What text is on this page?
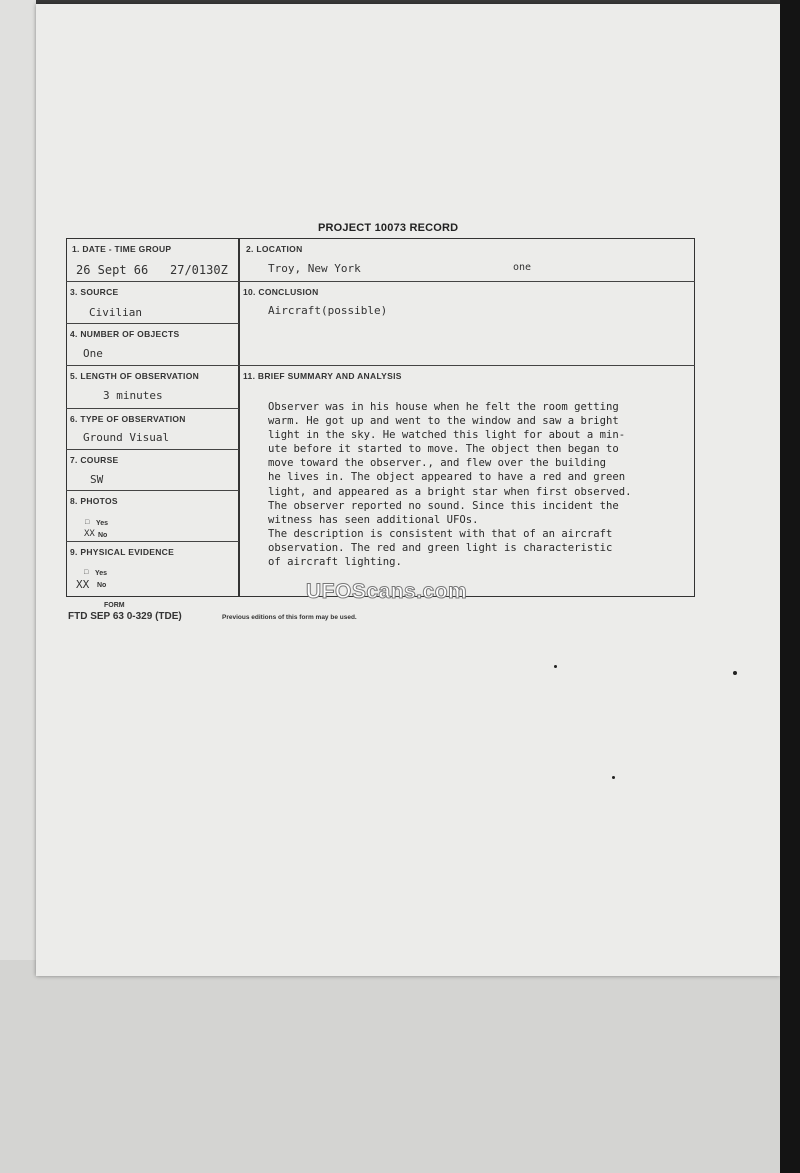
PROJECT 10073 RECORD
1. DATE - TIME GROUP
26 Sept 66 27/0130Z
2. LOCATION
Troy, New York	one
3. SOURCE
Civilian
10. CONCLUSION
Aircraft(possible)
4. NUMBER OF OBJECTS
One
5. LENGTH OF OBSERVATION
3 minutes
11. BRIEF SUMMARY AND ANALYSIS

Observer was in his house when he felt the room getting

warm. He got up and went to the window and saw a bright

light in the sky. He watched this light for about a min-

ute before it started to move. The object then began to

move toward the observer., and flew over the building

he lives in. The object appeared to have a red and green

light, and appeared as a bright star when first observed.

The observer reported no sound. Since this incident the

witness has seen additional UFOs.

The description is consistent with that of an aircraft

observation. The red and green light is characteristic

of aircraft lighting.

6. TYPE OF OBSERVATION
Ground Visual
7. COURSE
SW
8. PHOTOS
□ Yes
XX No
9. PHYSICAL EVIDENCE
□ Yes
XX No	UFOScans.com
FORM
FTD SEP 63 0-329 (TDE)	Previous editions of this form may be used.
